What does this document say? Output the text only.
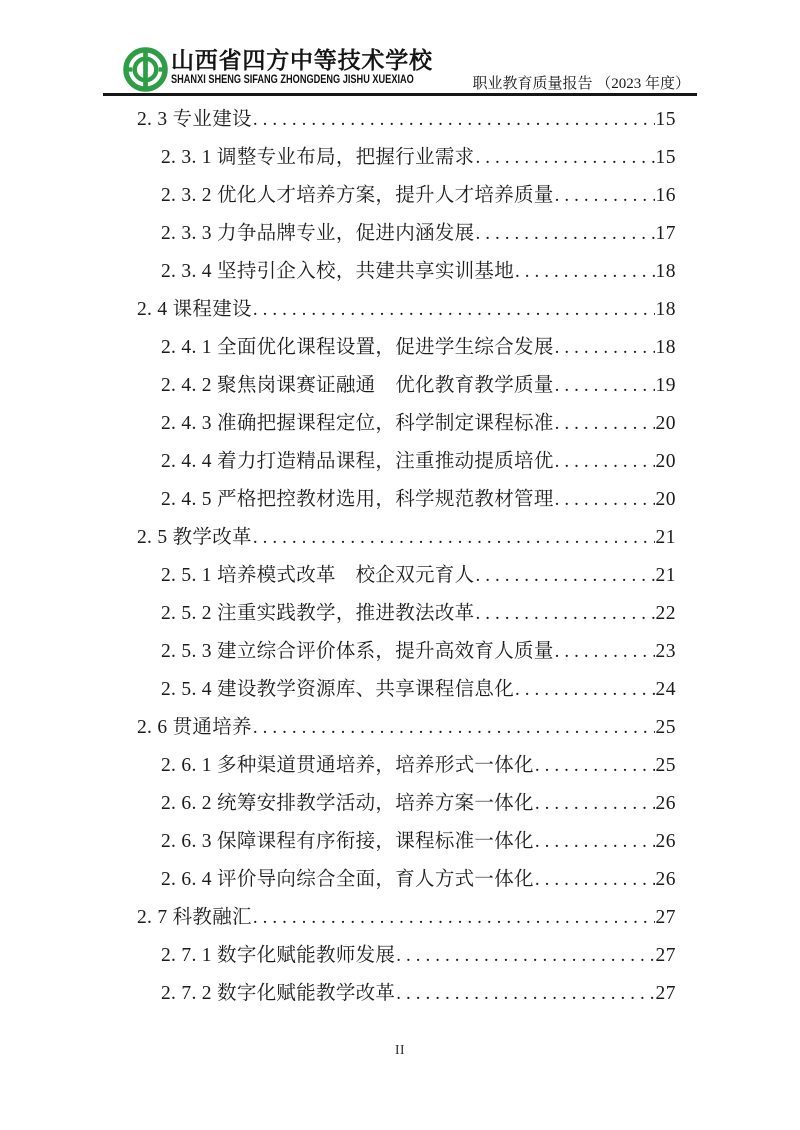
山西省四方中等技术学校
SHANXI SHENG SIFANG ZHONGDENG JISHU XUEXIAO	职业教育质量报告 （2023 年度）
2. 3 专业建设 .....	15
2. 3. 1 调整专业布局，把握行业需求 .....	15
2. 3. 2 优化人才培养方案，提升人才培养质量 .....	16
2. 3. 3 力争品牌专业，促进内涵发展 .....	17
2. 3. 4 坚持引企入校，共建共享实训基地 .....	18
2. 4 课程建设 .....	18
2. 4. 1 全面优化课程设置，促进学生综合发展 .....	18
2. 4. 2 聚焦岗课赛证融通　优化教育教学质量 .....	19
2. 4. 3 准确把握课程定位，科学制定课程标准 .....	20
2. 4. 4 着力打造精品课程，注重推动提质培优 .....	20
2. 4. 5 严格把控教材选用，科学规范教材管理 .....	20
2. 5 教学改革 .....	21
2. 5. 1 培养模式改革　校企双元育人 .....	21
2. 5. 2 注重实践教学，推进教法改革 .....	22
2. 5. 3 建立综合评价体系，提升高效育人质量 .....	23
2. 5. 4 建设教学资源库、共享课程信息化 .....	24
2. 6 贯通培养 .....	25
2. 6. 1 多种渠道贯通培养，培养形式一体化 .....	25
2. 6. 2 统筹安排教学活动，培养方案一体化 .....	26
2. 6. 3 保障课程有序衔接，课程标准一体化 .....	26
2. 6. 4 评价导向综合全面，育人方式一体化 .....	26
2. 7 科教融汇 .....	27
2. 7. 1 数字化赋能教师发展 .....	27
2. 7. 2 数字化赋能教学改革 .....	27
II
